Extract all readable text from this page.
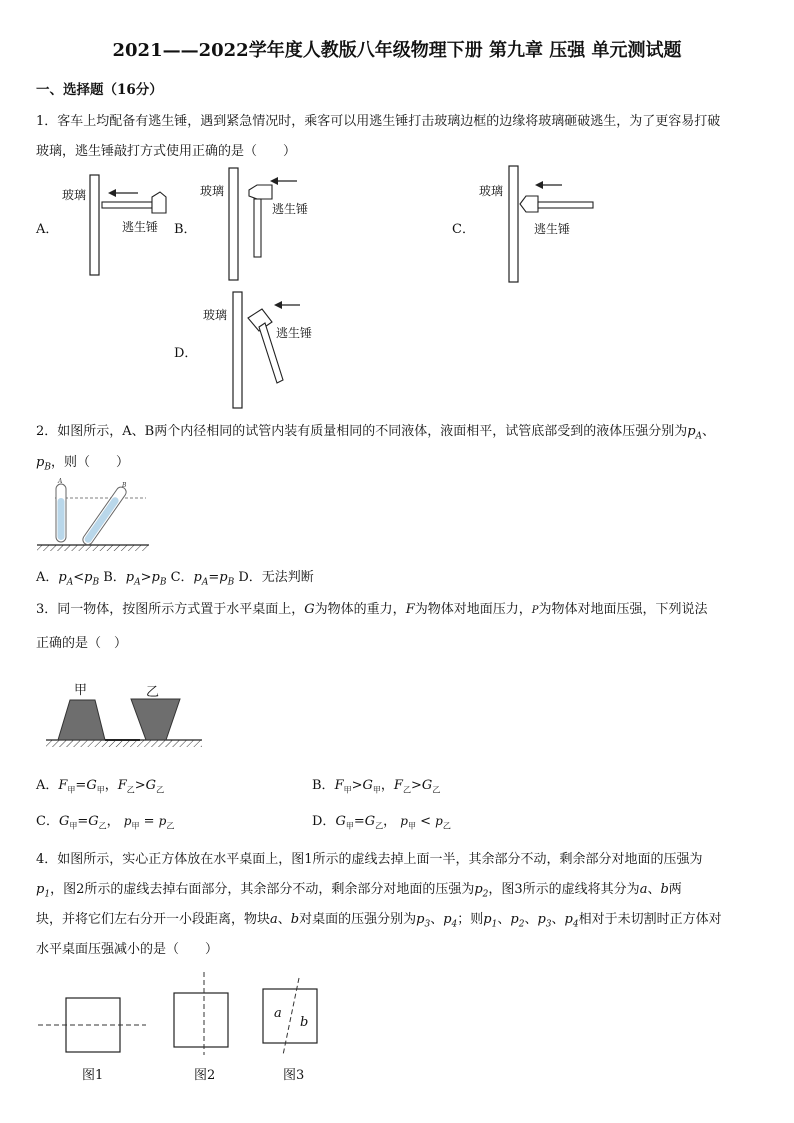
2021——2022学年度人教版八年级物理下册 第九章 压强 单元测试题
一、选择题（16分）
1．客车上均配备有逃生锤，遇到紧急情况时，乘客可以用逃生锤打击玻璃边框的边缘将玻璃砸破逃生，为了更容易打破
玻璃，逃生锤敲打方式使用正确的是（　　）
A．
玻璃
逃生锤 B．
玻璃
逃生锤
C．
玻璃
逃生锤
D．
玻璃
逃生锤
2．如图所示，A、B两个内径相同的试管内装有质量相同的不同液体，液面相平，试管底部受到的液体压强分别为$p_A$、
$p_B$，则（　　）
A
B
A．$p_A<p_B$ B．$p_A>p_B$ C．$p_A=p_B$ D．无法判断
3．同一物体，按图所示方式置于水平桌面上，G为物体的重力，F为物体对地面压力，P为物体对地面压强，下列说法
正确的是（　）
甲	乙
A．$F_甲=G_甲$，$F_乙>G_乙$	B．$F_甲>G_甲$，$F_乙>G_乙$
C．$G_甲=G_乙$， $p_甲 = p_乙$	D．$G_甲=G_乙$， $p_甲 < p_乙$
4．如图所示，实心正方体放在水平桌面上，图1所示的虚线去掉上面一半，其余部分不动，剩余部分对地面的压强为
$p_1$，图2所示的虚线去掉右面部分，其余部分不动，剩余部分对地面的压强为$p_2$，图3所示的虚线将其分为a、b两
块，并将它们左右分开一小段距离，物块a、b对桌面的压强分别为$p_3$、$p_4$；则$p_1$、$p_2$、$p_3$、$p_4$相对于未切割时正方体对
水平桌面压强减小的是（　　）
a
b
图1	图2	图3
